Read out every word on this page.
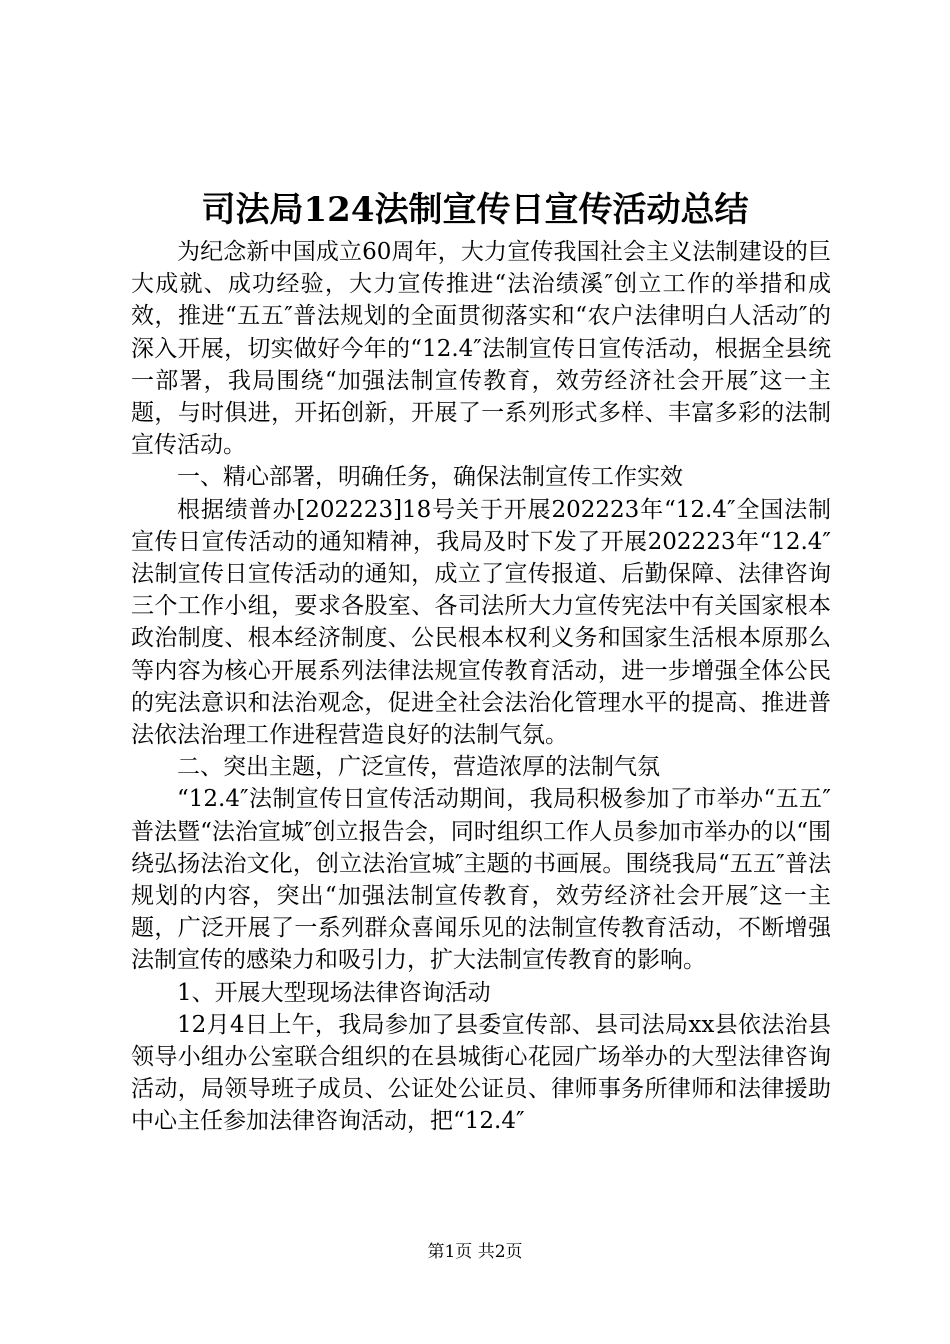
司法局124法制宣传日宣传活动总结

为纪念新中国成立60周年，大力宣传我国社会主义法制建设的巨大成就、成功经验，大力宣传推进“法治绩溪″创立工作的举措和成效，推进“五五″普法规划的全面贯彻落实和“农户法律明白人活动″的深入开展，切实做好今年的“12.4″法制宣传日宣传活动，根据全县统一部署，我局围绕“加强法制宣传教育，效劳经济社会开展″这一主题，与时俱进，开拓创新，开展了一系列形式多样、丰富多彩的法制宣传活动。

一、精心部署，明确任务，确保法制宣传工作实效

根据绩普办[202223]18号关于开展202223年“12.4″全国法制宣传日宣传活动的通知精神，我局及时下发了开展202223年“12.4″法制宣传日宣传活动的通知，成立了宣传报道、后勤保障、法律咨询三个工作小组，要求各股室、各司法所大力宣传宪法中有关国家根本政治制度、根本经济制度、公民根本权利义务和国家生活根本原那么等内容为核心开展系列法律法规宣传教育活动，进一步增强全体公民的宪法意识和法治观念，促进全社会法治化管理水平的提高、推进普法依法治理工作进程营造良好的法制气氛。

二、突出主题，广泛宣传，营造浓厚的法制气氛

“12.4″法制宣传日宣传活动期间，我局积极参加了市举办“五五″普法暨“法治宣城″创立报告会，同时组织工作人员参加市举办的以“围绕弘扬法治文化，创立法治宣城″主题的书画展。围绕我局“五五″普法规划的内容，突出“加强法制宣传教育，效劳经济社会开展″这一主题，广泛开展了一系列群众喜闻乐见的法制宣传教育活动，不断增强法制宣传的感染力和吸引力，扩大法制宣传教育的影响。

1、开展大型现场法律咨询活动

12月4日上午，我局参加了县委宣传部、县司法局xx县依法治县领导小组办公室联合组织的在县城街心花园广场举办的大型法律咨询活动，局领导班子成员、公证处公证员、律师事务所律师和法律援助中心主任参加法律咨询活动，把“12.4″

第1页 共2页
